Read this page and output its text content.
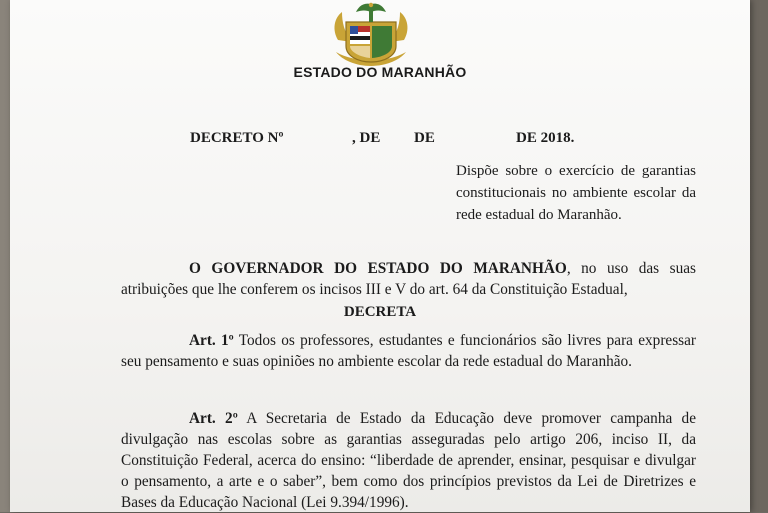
ESTADO DO MARANHÃO
DECRETO Nº	, DE DE	DE 2018.
Dispõe sobre o exercício de garantias constitucionais no ambiente escolar da rede estadual do Maranhão.
O GOVERNADOR DO ESTADO DO MARANHÃO, no uso das suas atribuições que lhe conferem os incisos III e V do art. 64 da Constituição Estadual,
DECRETA
Art. 1º Todos os professores, estudantes e funcionários são livres para expressar seu pensamento e suas opiniões no ambiente escolar da rede estadual do Maranhão.
Art. 2º A Secretaria de Estado da Educação deve promover campanha de divulgação nas escolas sobre as garantias asseguradas pelo artigo 206, inciso II, da Constituição Federal, acerca do ensino: “liberdade de aprender, ensinar, pesquisar e divulgar o pensamento, a arte e o saber”, bem como dos princípios previstos da Lei de Diretrizes e Bases da Educação Nacional (Lei 9.394/1996).
